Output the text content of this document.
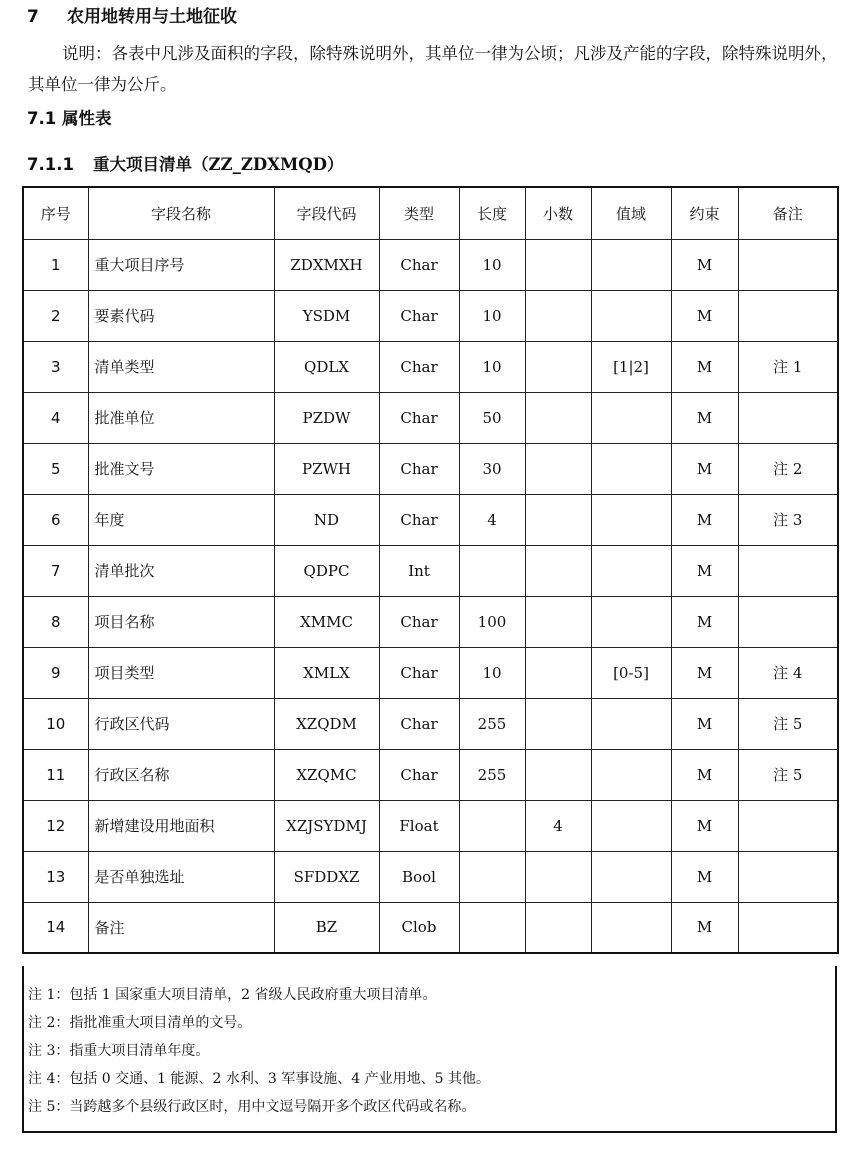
7 农用地转用与土地征收

说明：各表中凡涉及面积的字段，除特殊说明外，其单位一律为公顷；凡涉及产能的字段，除特殊说明外，其单位一律为公斤。

7.1 属性表
7.1.1 重大项目清单（ZZ_ZDXMQD）
序号	字段名称	字段代码	类型	长度	小数	值域	约束	备注
1	重大项目序号	ZDXMXH	Char	10			M	
2	要素代码	YSDM	Char	10			M	
3	清单类型	QDLX	Char	10		[1|2]	M	注 1
4	批准单位	PZDW	Char	50			M	
5	批准文号	PZWH	Char	30			M	注 2
6	年度	ND	Char	4			M	注 3
7	清单批次	QDPC	Int				M	
8	项目名称	XMMC	Char	100			M	
9	项目类型	XMLX	Char	10		[0-5]	M	注 4
10	行政区代码	XZQDM	Char	255			M	注 5
11	行政区名称	XZQMC	Char	255			M	注 5
12	新增建设用地面积	XZJSYDMJ	Float		4		M	
13	是否单独选址	SFDDXZ	Bool				M	
14	备注	BZ	Clob				M	
注 1：包括 1 国家重大项目清单，2 省级人民政府重大项目清单。
注 2：指批准重大项目清单的文号。
注 3：指重大项目清单年度。
注 4：包括 0 交通、1 能源、2 水利、3 军事设施、4 产业用地、5 其他。
注 5：当跨越多个县级行政区时，用中文逗号隔开多个政区代码或名称。
